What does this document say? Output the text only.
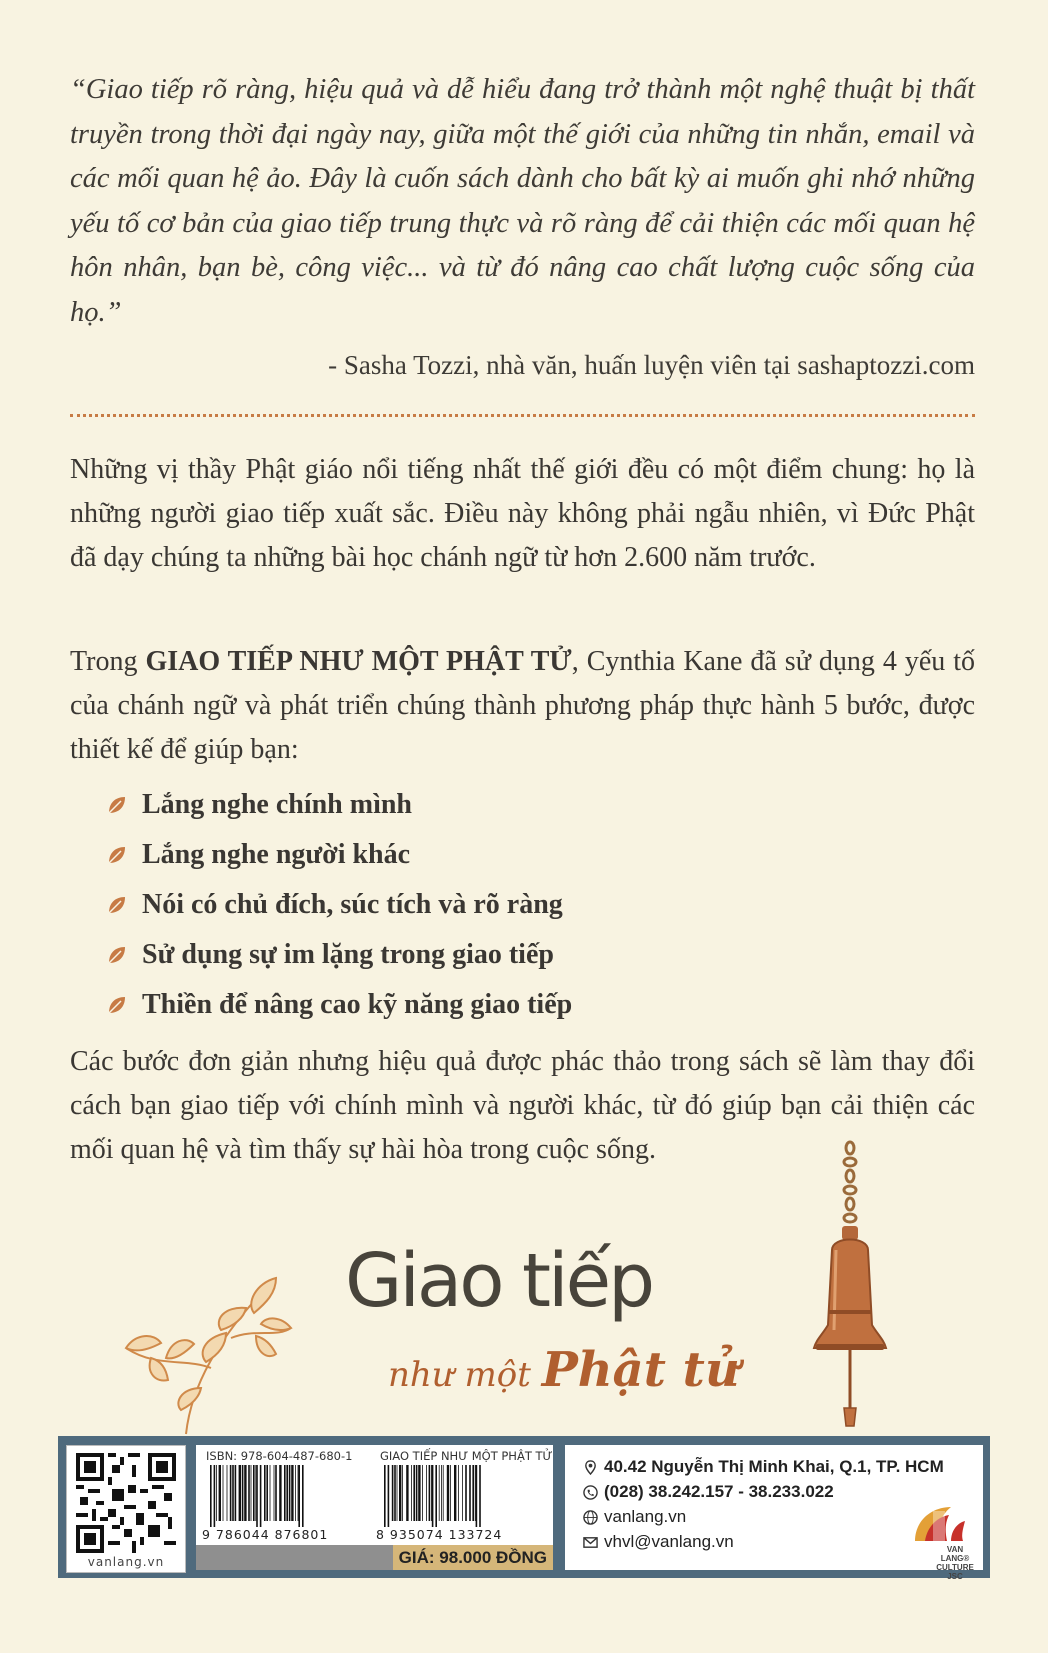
“Giao tiếp rõ ràng, hiệu quả và dễ hiểu đang trở thành một nghệ thuật bị thất truyền trong thời đại ngày nay, giữa một thế giới của những tin nhắn, email và các mối quan hệ ảo. Đây là cuốn sách dành cho bất kỳ ai muốn ghi nhớ những yếu tố cơ bản của giao tiếp trung thực và rõ ràng để cải thiện các mối quan hệ hôn nhân, bạn bè, công việc... và từ đó nâng cao chất lượng cuộc sống của họ.”

- Sasha Tozzi, nhà văn, huấn luyện viên tại sashaptozzi.com
Những vị thầy Phật giáo nổi tiếng nhất thế giới đều có một điểm chung: họ là những người giao tiếp xuất sắc. Điều này không phải ngẫu nhiên, vì Đức Phật đã dạy chúng ta những bài học chánh ngữ từ hơn 2.600 năm trước.
Trong GIAO TIẾP NHƯ MỘT PHẬT TỬ, Cynthia Kane đã sử dụng 4 yếu tố của chánh ngữ và phát triển chúng thành phương pháp thực hành 5 bước, được thiết kế để giúp bạn:
Lắng nghe chính mình
Lắng nghe người khác
Nói có chủ đích, súc tích và rõ ràng
Sử dụng sự im lặng trong giao tiếp
Thiền để nâng cao kỹ năng giao tiếp
Các bước đơn giản nhưng hiệu quả được phác thảo trong sách sẽ làm thay đổi cách bạn giao tiếp với chính mình và người khác, từ đó giúp bạn cải thiện các mối quan hệ và tìm thấy sự hài hòa trong cuộc sống.
Giao tiếp
như một Phật tử
vanlang.vn
ISBN: 978-604-487-680-1 GIAO TIẾP NHƯ MỘT PHẬT TỬ
9 786044 876801	8 935074 133724
GIÁ: 98.000 ĐỒNG
40.42 Nguyễn Thị Minh Khai, Q.1, TP. HCM
(028) 38.242.157 - 38.233.022
vanlang.vn
vhvl@vanlang.vn	VAN LANG® CULTURE JSC
